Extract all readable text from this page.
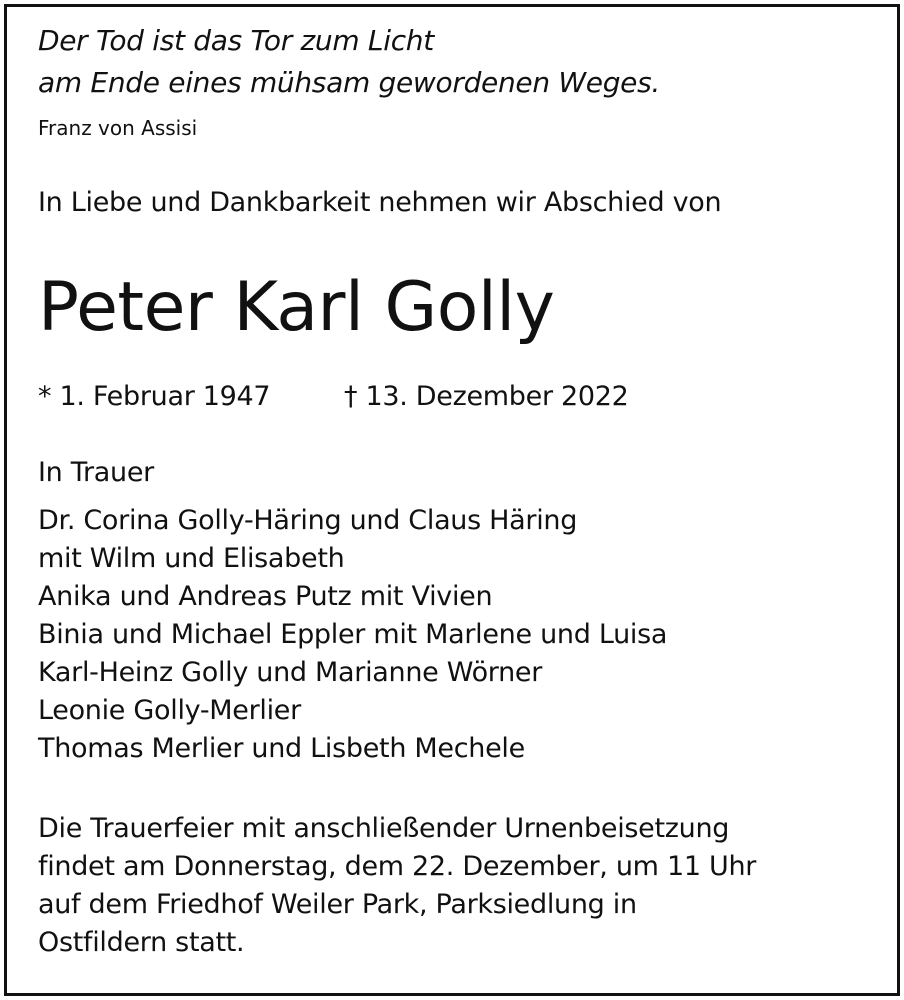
Der Tod ist das Tor zum Licht
am Ende eines mühsam gewordenen Weges.
Franz von Assisi
In Liebe und Dankbarkeit nehmen wir Abschied von
Peter Karl Golly
* 1. Februar 1947	† 13. Dezember 2022
In Trauer
Dr. Corina Golly-Häring und Claus Häring
mit Wilm und Elisabeth
Anika und Andreas Putz mit Vivien
Binia und Michael Eppler mit Marlene und Luisa
Karl-Heinz Golly und Marianne Wörner
Leonie Golly-Merlier
Thomas Merlier und Lisbeth Mechele
Die Trauerfeier mit anschließender Urnenbeisetzung
findet am Donnerstag, dem 22. Dezember, um 11 Uhr
auf dem Friedhof Weiler Park, Parksiedlung in
Ostfildern statt.
